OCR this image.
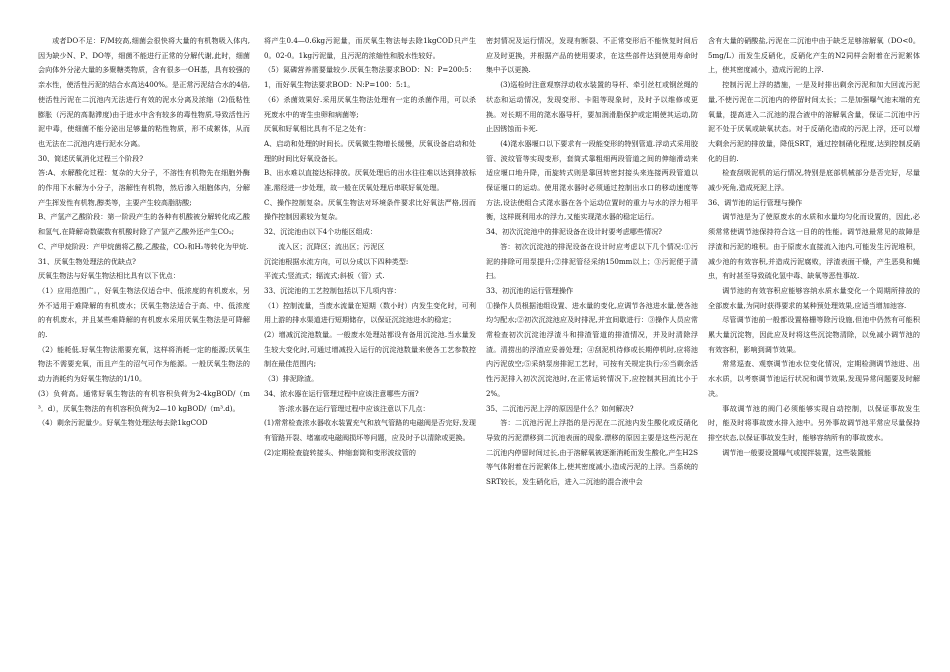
或者DO不足：F/M较高,细菌会很快将大量的有机物吸入体内,因为缺少N、P、DO等，细菌不能进行正常的分解代谢,此时，细菌会向体外分泌大量的多聚糖类物质，含有很多一OH基，具有较强的亲水性，使活性污泥的结合水高达400%。是正常污泥结合水的4倍,使活性污泥在二沉池内无法进行有效的泥水分离及浓缩（2)低粘性膨胀（污泥的高黏滞度)由于进水中含有较多的毒性物质,导致活性污泥中毒，使细菌不能分泌出足够量的粘性物质，形不成絮体，从而也无法在二沉池内进行泥水分离。

30、简述厌氧消化过程三个阶段?

答:A、水解酸化过程：复杂的大分子，不溶性有机物先在细胞外酶的作用下水解为小分子，溶解性有机物，然后渗入细胞体内，分解产生挥发性有机物,醇类等，主要产生较高脂肪酸;

B、产氢产乙酸阶段：第一阶段产生的各种有机酸被分解转化成乙酸和氢气,在降解奇数碳数有机酸时除了产氢产乙酸外还产生CO₂;

C、产甲烷阶段：产甲烷菌将乙酸,乙酸盐，CO₂和H₂等转化为甲烷.

31、厌氧生物处理法的优缺点?

厌氧生物法与好氧生物法相比具有以下优点：

（1）应用范围广。，好氧生物法仅适合中、低浓度的有机废水，另外不适用于难降解的有机废水；厌氧生物法适合于高、中、低浓度的有机废水，并且某些难降解的有机废水采用厌氧生物法是可降解的.

（2）能耗低.好氧生物法需要充氧，这样将消耗一定的能源;厌氧生物法不需要充氧，而且产生的沼气可作为能源。一般厌氧生物法的动力消耗约为好氧生物法的1/10。

(3）负荷高。通常好氧生物法的有机容积负荷为2-4kgBOD/（m³．d），厌氧生物法的有机容积负荷为2—10 kgBOD/（m³.d)。

（4）剩余污泥量少。好氧生物处理法每去除1kgCOD

将产生0.4—0.6kg污泥量，而厌氧生物法每去除1kgCOD只产生0。02-0。1kg污泥量，且污泥的浓缩性和脱水性较好。

（5）氮磷营养需要量较少.厌氧生物法要求BOD：N：P=200:5：1，而好氧生物法要求BOD：N:P=100：5:1。

（6）杀菌效果好.采用厌氧生物法处理有一定的杀菌作用，可以杀死废水中的寄生虫卵和病菌等;

厌氧和好氧相比具有不足之处有：

A、启动和处理的时间长。厌氧微生物增长缓慢，厌氧设备启动和处理的时间比好氧设备长。

B、出水难以直接达标排放。厌氧处理后的出水往往难以达到排放标准,需经进一步处理，故一般在厌氧处理后串联好氧处理。

C、操作控制复杂。厌氧生物法对环境条件要求比好氧法严格,因而操作控制因素较为复杂。

32、沉淀池由以下4个功能区组成：

流入区；沉降区；流出区；污泥区

沉淀池根据水流方向，可以分成以下四种类型:

平流式;竖流式；辐流式;斜板（管）式.

33、沉淀池的工艺控制包括以下几项内容：

（1）控制流量，当废水流量在短期（数小时）内发生变化时，可利用上游的排水渠道进行短期储存，以保证沉淀池进水的稳定；

(2）增减沉淀池数量。一般废水处理站都设有备用沉淀池.当水量发生较大变化时,可通过增减投入运行的沉淀池数量来使各工艺参数控制在最佳范围内;

（3）排泥除渣。

34、浓水器在运行管理过程中应该注意哪些方面?

答:浓水器在运行管理过程中应该注意以下几点：

(1)常常检查浓水器收水装置充气和放气管路的电磁阀是否完好,发现有管路开裂、堵塞或电磁阀损坏等问题，应及时予以清除或更换。

(2)定期检查旋转接头、伸缩套筒和变形波纹管的

密封情况及运行情况，发现有断裂、不正常变形后不能恢复时间后应及时更换，并根据产品的使用要求，在这些部件达到使用寿命时集中予以更换.

(3)巡检时注意观察浮动收水装置的导杆、牵引丝杠或钢丝绳的状态和运动情况，发现变形、卡阻等现象时，及时予以维修或更换。对长期不用的滗水器导杆，要加润滑脂保护或定期使其运动,防止因锈蚀而卡死.

(4)滗水器堰口以下要求有一段能变形的特别管道.浮动式采用胶管、波纹管等实现变形，套筒式靠粗细两段管道之间的伸缩滑动来适应堰口地升降，而旋转式则是靠回转密封接头来连接两段管道以保证堰口的运动。使用滗水器时必须通过控制出水口的移动速度等方法,设法使组合式滗水器在各个运动位置时的重力与水的浮力相平衡，这样既利用水的浮力,又能实现滗水器的稳定运行。

34、初次沉淀池中的排泥设备在设计时要考虑哪些情况?

答：初次沉淀池的排泥设备在设计时应考虑以下几个情况:①污泥的排除可用泵提升;②排泥管径采纳150mm以上；③污泥便于清扫。

33、初沉池的运行管理操作

①操作人员根据池组设置、进水量的变化,应调节各池进水量,使各池均匀配水;②初次沉淀池应及时排泥,并宜间歇进行：③操作人员应常常检查初次沉淀池浮渣斗和排渣管道的排渣情况，并及时清除浮渣。清捞出的浮渣应妥善处理；④刮泥机待修或长期停机时,应将池内污泥放空;⑤采纳泵房排泥工艺时，可按有关规定执行;⑥当剩余活性污泥排入初次沉淀池时,在正常运转情况下,应控制其回流比小于2%。

35、二沉池污泥上浮的原因是什么？如何解决?

答：二沉池污泥上浮指的是污泥在二沉池内发生酸化或反硝化导致的污泥漂移到二沉池表面的现象.漂移的原因主要是这些污泥在二沉池内停留时间过长,由于溶解氧被逐渐消耗而发生酸化,产生H2S等气体附着在污泥絮体上,使其密度减小,造成污泥的上浮。当系统的SRT较长，发生硝化后，进入二沉池的混合液中会

含有大量的硝酸盐,污泥在二沉池中由于缺乏足够溶解氧（DO<0。5mg/L）而发生反硝化，反硝化产生的N2同样会附着在污泥絮体上，使其密度减小，造成污泥的上浮.

控制污泥上浮的措施，一是及时排出剩余污泥和加大回流污泥量,不使污泥在二沉池内的停留时间太长；二是加强曝气池末端的充氧量，提高进入二沉池的混合液中的溶解氧含量，保证二沉池中污泥不处于厌氧或缺氧状态。对于反硝化造成的污泥上浮，还可以增大剩余污泥的排放量，降低SRT，通过控制硝化程度,达到控制反硝化的目的.

检查刮吸泥机的运行情况,特别是底部机械部分是否完好，尽量减少死角,造成死泥上浮。

36、调节池的运行管理与操作

调节池是为了使原废水的水质和水量均匀化而设置的，因此,必须常常使调节池保持符合这一目的的性能。调节池最常见的故障是浮渣和污泥的堆积。由于原废水直接流入池内,可能发生污泥堆积，减少池的有效容积,并造成污泥腐败，浮渣表面干燥，产生恶臭和蝇虫，有时甚至导致硫化氢中毒、缺氧等恶性事故.

调节池的有效容积应能够容纳水质水量变化一个周期所排放的全部废水量,为同时获得要求的某种预处理效果,应适当增加池容.

尽管调节池前一般都设置格栅等除污设施,但池中仍然有可能积累大量沉淀物，因此应及时将这些沉淀物清除，以免减小调节池的有效容积，影响到调节效果。

常常巡查、观察调节池水位变化情况，定期检测调节池进、出水水质，以考察调节池运行状况和调节效果,发现异常问题要及时解决。

事故调节池的阀门必须能够实现自动控制，以保证事故发生时，能及时将事故废水排入池中。另外事故调节池平常应尽量保持排空状态,以保证事故发生时，能够容纳所有的事故废水。

调节池一般要设置曝气或搅拌装置，这些装置能
